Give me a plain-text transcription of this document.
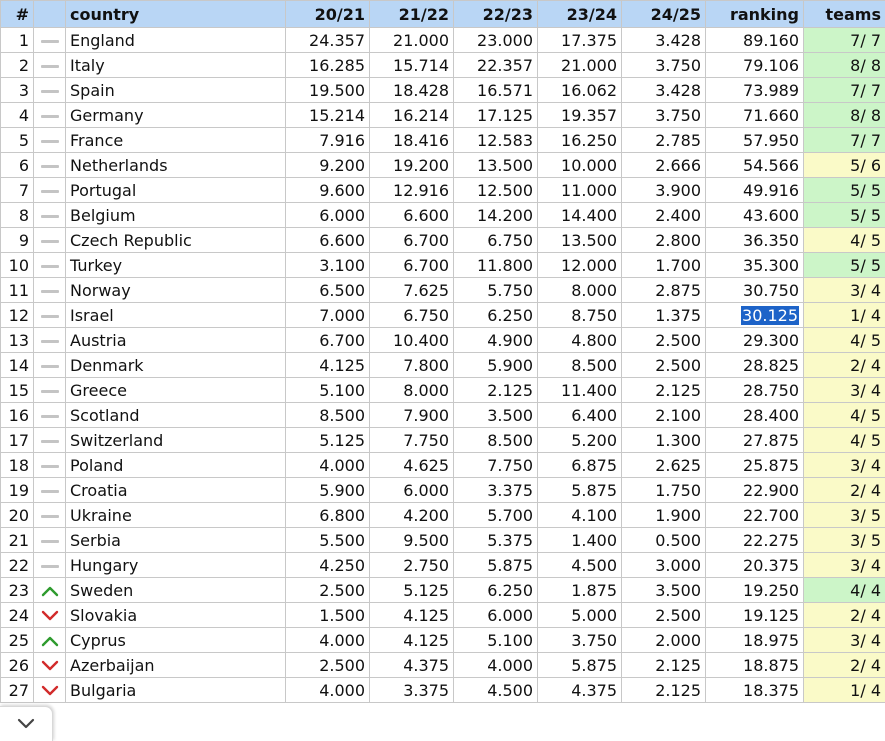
#		country	20/21	21/22	22/23	23/24	24/25	ranking	teams
1		England	24.357	21.000	23.000	17.375	3.428	89.160	7/ 7
2		Italy	16.285	15.714	22.357	21.000	3.750	79.106	8/ 8
3		Spain	19.500	18.428	16.571	16.062	3.428	73.989	7/ 7
4		Germany	15.214	16.214	17.125	19.357	3.750	71.660	8/ 8
5		France	7.916	18.416	12.583	16.250	2.785	57.950	7/ 7
6		Netherlands	9.200	19.200	13.500	10.000	2.666	54.566	5/ 6
7		Portugal	9.600	12.916	12.500	11.000	3.900	49.916	5/ 5
8		Belgium	6.000	6.600	14.200	14.400	2.400	43.600	5/ 5
9		Czech Republic	6.600	6.700	6.750	13.500	2.800	36.350	4/ 5
10		Turkey	3.100	6.700	11.800	12.000	1.700	35.300	5/ 5
11		Norway	6.500	7.625	5.750	8.000	2.875	30.750	3/ 4
12		Israel	7.000	6.750	6.250	8.750	1.375	30.125	1/ 4
13		Austria	6.700	10.400	4.900	4.800	2.500	29.300	4/ 5
14		Denmark	4.125	7.800	5.900	8.500	2.500	28.825	2/ 4
15		Greece	5.100	8.000	2.125	11.400	2.125	28.750	3/ 4
16		Scotland	8.500	7.900	3.500	6.400	2.100	28.400	4/ 5
17		Switzerland	5.125	7.750	8.500	5.200	1.300	27.875	4/ 5
18		Poland	4.000	4.625	7.750	6.875	2.625	25.875	3/ 4
19		Croatia	5.900	6.000	3.375	5.875	1.750	22.900	2/ 4
20		Ukraine	6.800	4.200	5.700	4.100	1.900	22.700	3/ 5
21		Serbia	5.500	9.500	5.375	1.400	0.500	22.275	3/ 5
22		Hungary	4.250	2.750	5.875	4.500	3.000	20.375	3/ 4
23		Sweden	2.500	5.125	6.250	1.875	3.500	19.250	4/ 4
24		Slovakia	1.500	4.125	6.000	5.000	2.500	19.125	2/ 4
25		Cyprus	4.000	4.125	5.100	3.750	2.000	18.975	3/ 4
26		Azerbaijan	2.500	4.375	4.000	5.875	2.125	18.875	2/ 4
27		Bulgaria	4.000	3.375	4.500	4.375	2.125	18.375	1/ 4
